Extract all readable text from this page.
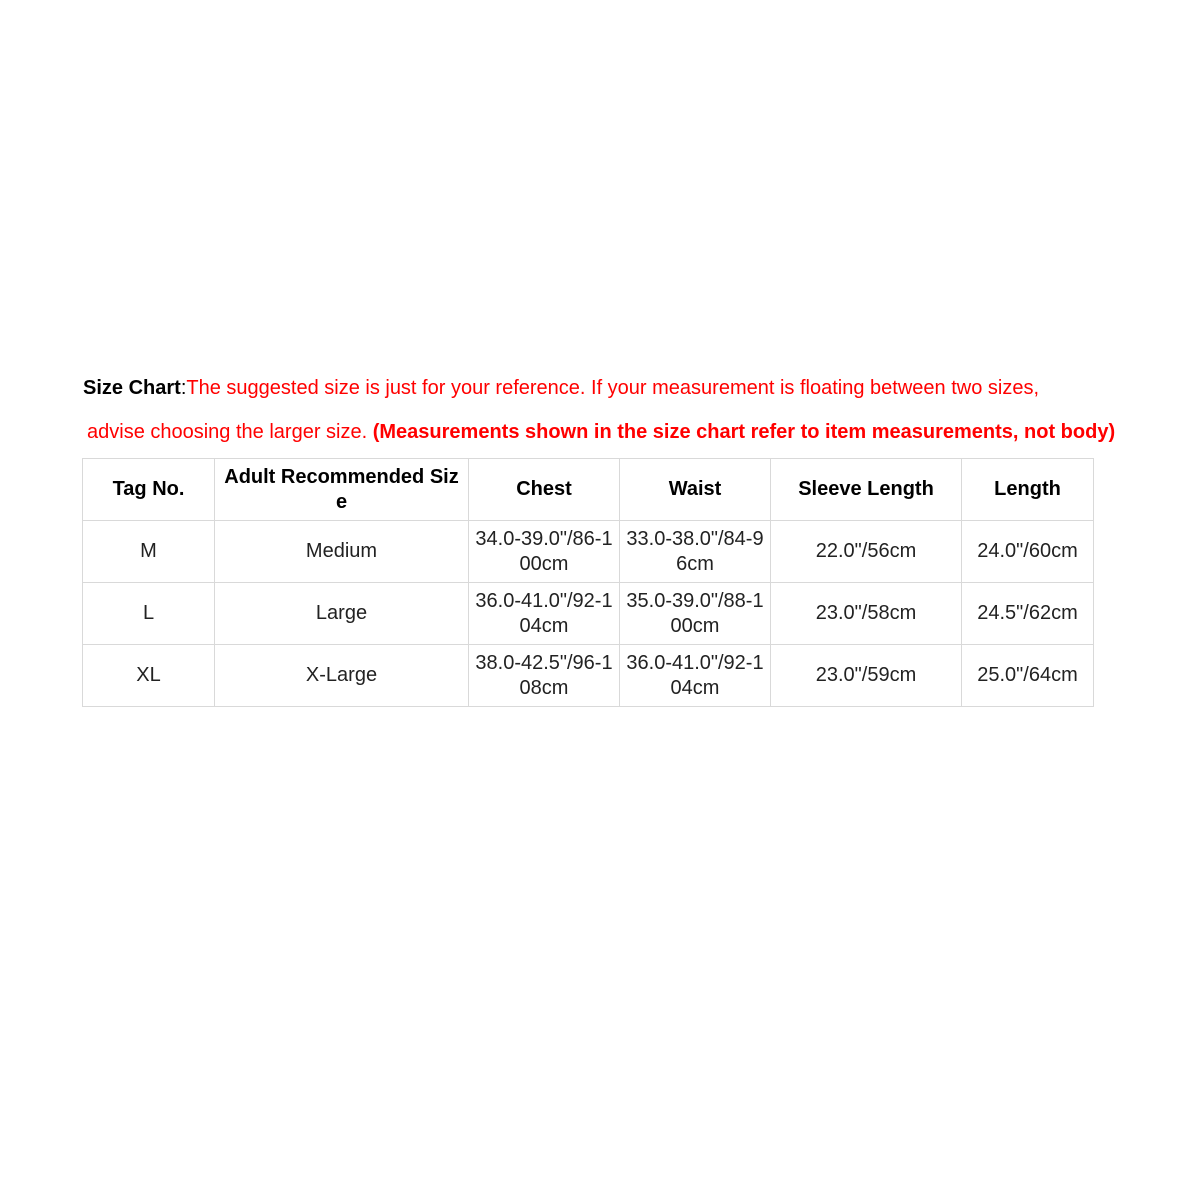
Size Chart:The suggested size is just for your reference. If your measurement is floating between two sizes,
advise choosing the larger size. (Measurements shown in the size chart refer to item measurements, not body)
Tag No.	Adult Recommended Size	Chest	Waist	Sleeve Length	Length
M	Medium	34.0-39.0"/86-100cm	33.0-38.0"/84-96cm	22.0"/56cm	24.0"/60cm
L	Large	36.0-41.0"/92-104cm	35.0-39.0"/88-100cm	23.0"/58cm	24.5"/62cm
XL	X-Large	38.0-42.5"/96-108cm	36.0-41.0"/92-104cm	23.0"/59cm	25.0"/64cm
